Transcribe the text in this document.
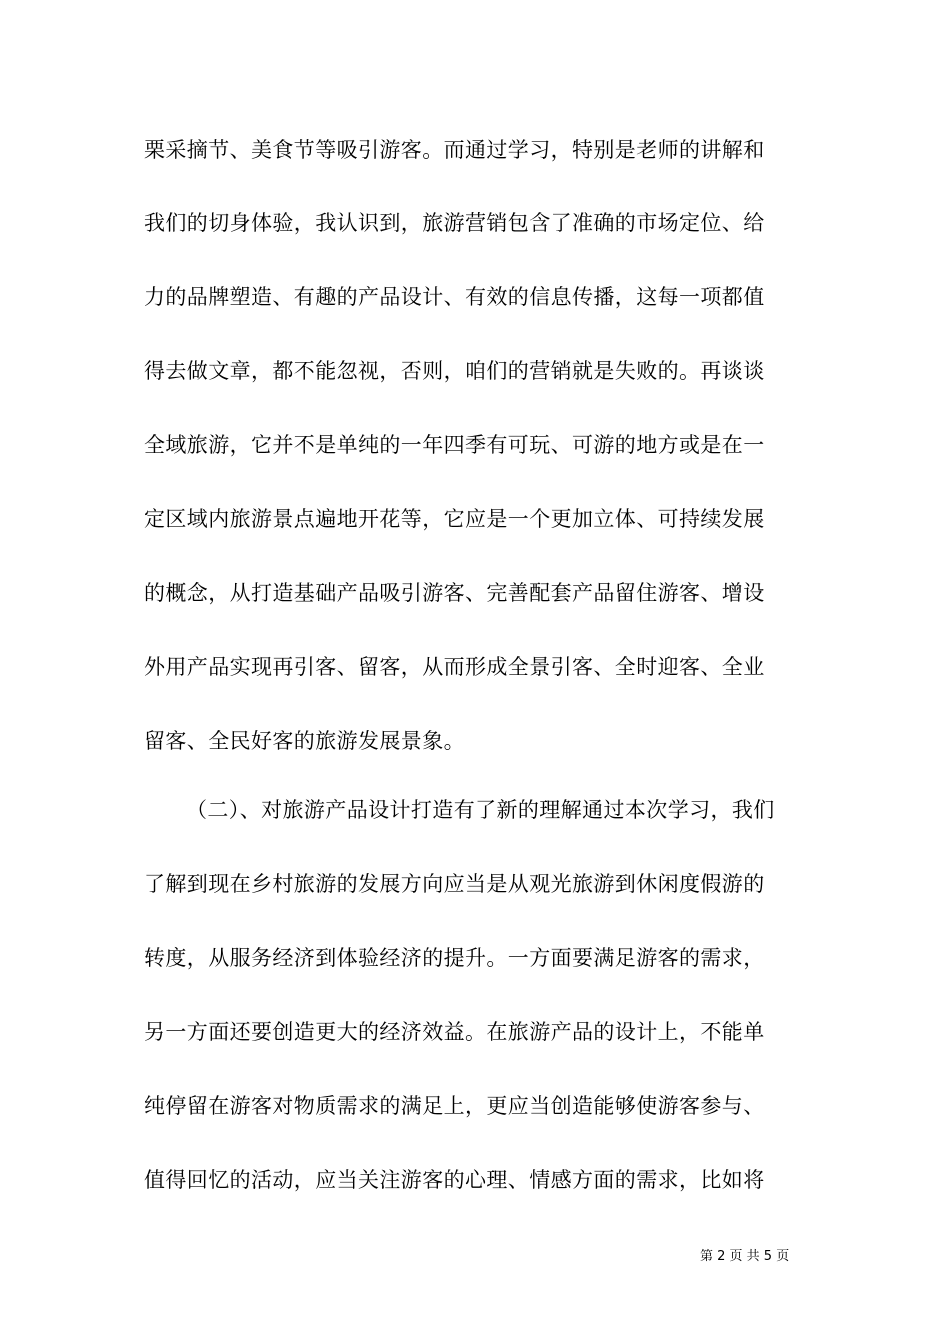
栗采摘节、美食节等吸引游客。而通过学习，特别是老师的讲解和
我们的切身体验，我认识到，旅游营销包含了准确的市场定位、给
力的品牌塑造、有趣的产品设计、有效的信息传播，这每一项都值
得去做文章，都不能忽视，否则，咱们的营销就是失败的。再谈谈
全域旅游，它并不是单纯的一年四季有可玩、可游的地方或是在一
定区域内旅游景点遍地开花等，它应是一个更加立体、可持续发展
的概念，从打造基础产品吸引游客、完善配套产品留住游客、增设
外用产品实现再引客、留客，从而形成全景引客、全时迎客、全业
留客、全民好客的旅游发展景象。
（二）、对旅游产品设计打造有了新的理解通过本次学习，我们
了解到现在乡村旅游的发展方向应当是从观光旅游到休闲度假游的
转度，从服务经济到体验经济的提升。一方面要满足游客的需求，
另一方面还要创造更大的经济效益。在旅游产品的设计上，不能单
纯停留在游客对物质需求的满足上，更应当创造能够使游客参与、
值得回忆的活动，应当关注游客的心理、情感方面的需求，比如将
第 2 页 共 5 页
